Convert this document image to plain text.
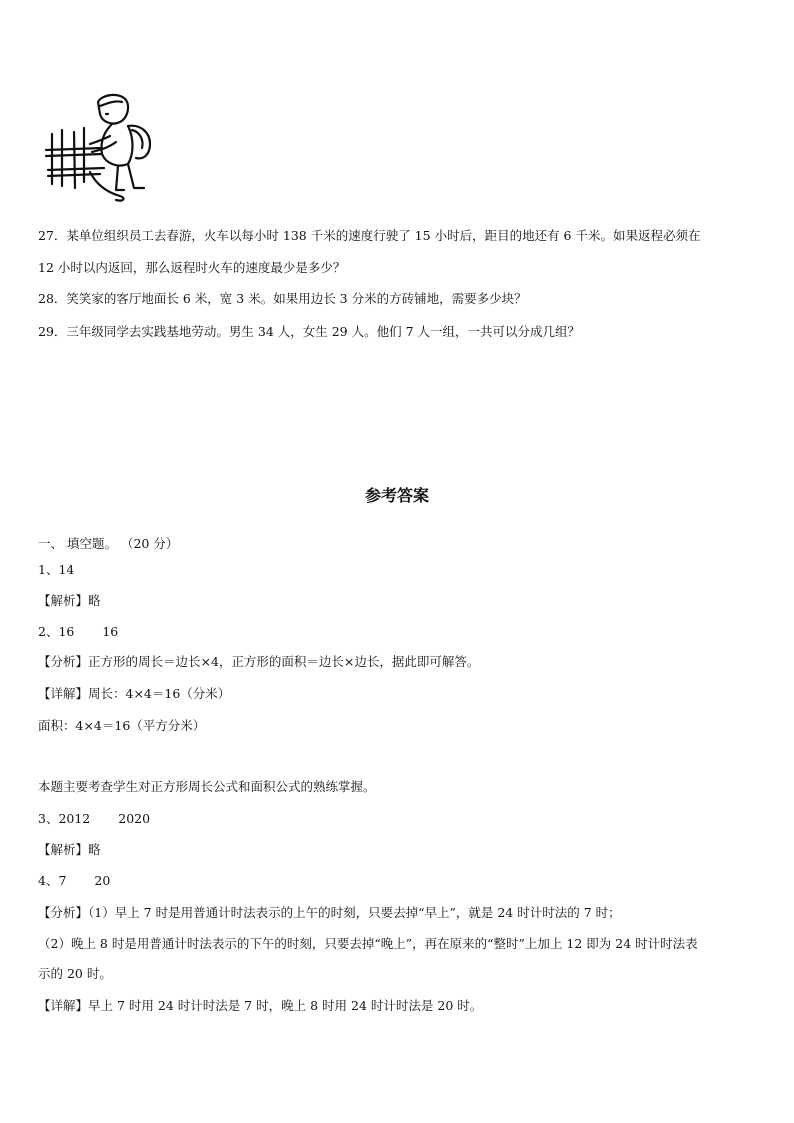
27．某单位组织员工去春游，火车以每小时 138 千米的速度行驶了 15 小时后，距目的地还有 6 千米。如果返程必须在
12 小时以内返回，那么返程时火车的速度最少是多少？
28．笑笑家的客厅地面长 6 米，宽 3 米。如果用边长 3 分米的方砖铺地，需要多少块？
29．三年级同学去实践基地劳动。男生 34 人，女生 29 人。他们 7 人一组，一共可以分成几组？
参考答案
一、 填空题。 （20 分）
1、14
【解析】略
2、16 16
【分析】正方形的周长＝边长×4，正方形的面积＝边长×边长，据此即可解答。
【详解】周长：4×4＝16（分米）
面积：4×4＝16（平方分米）
本题主要考查学生对正方形周长公式和面积公式的熟练掌握。
3、2012 2020
【解析】略
4、7 20
【分析】（1）早上 7 时是用普通计时法表示的上午的时刻，只要去掉“早上”，就是 24 时计时法的 7 时；
（2）晚上 8 时是用普通计时法表示的下午的时刻，只要去掉“晚上”，再在原来的“整时”上加上 12 即为 24 时计时法表
示的 20 时。
【详解】早上 7 时用 24 时计时法是 7 时，晚上 8 时用 24 时计时法是 20 时。
